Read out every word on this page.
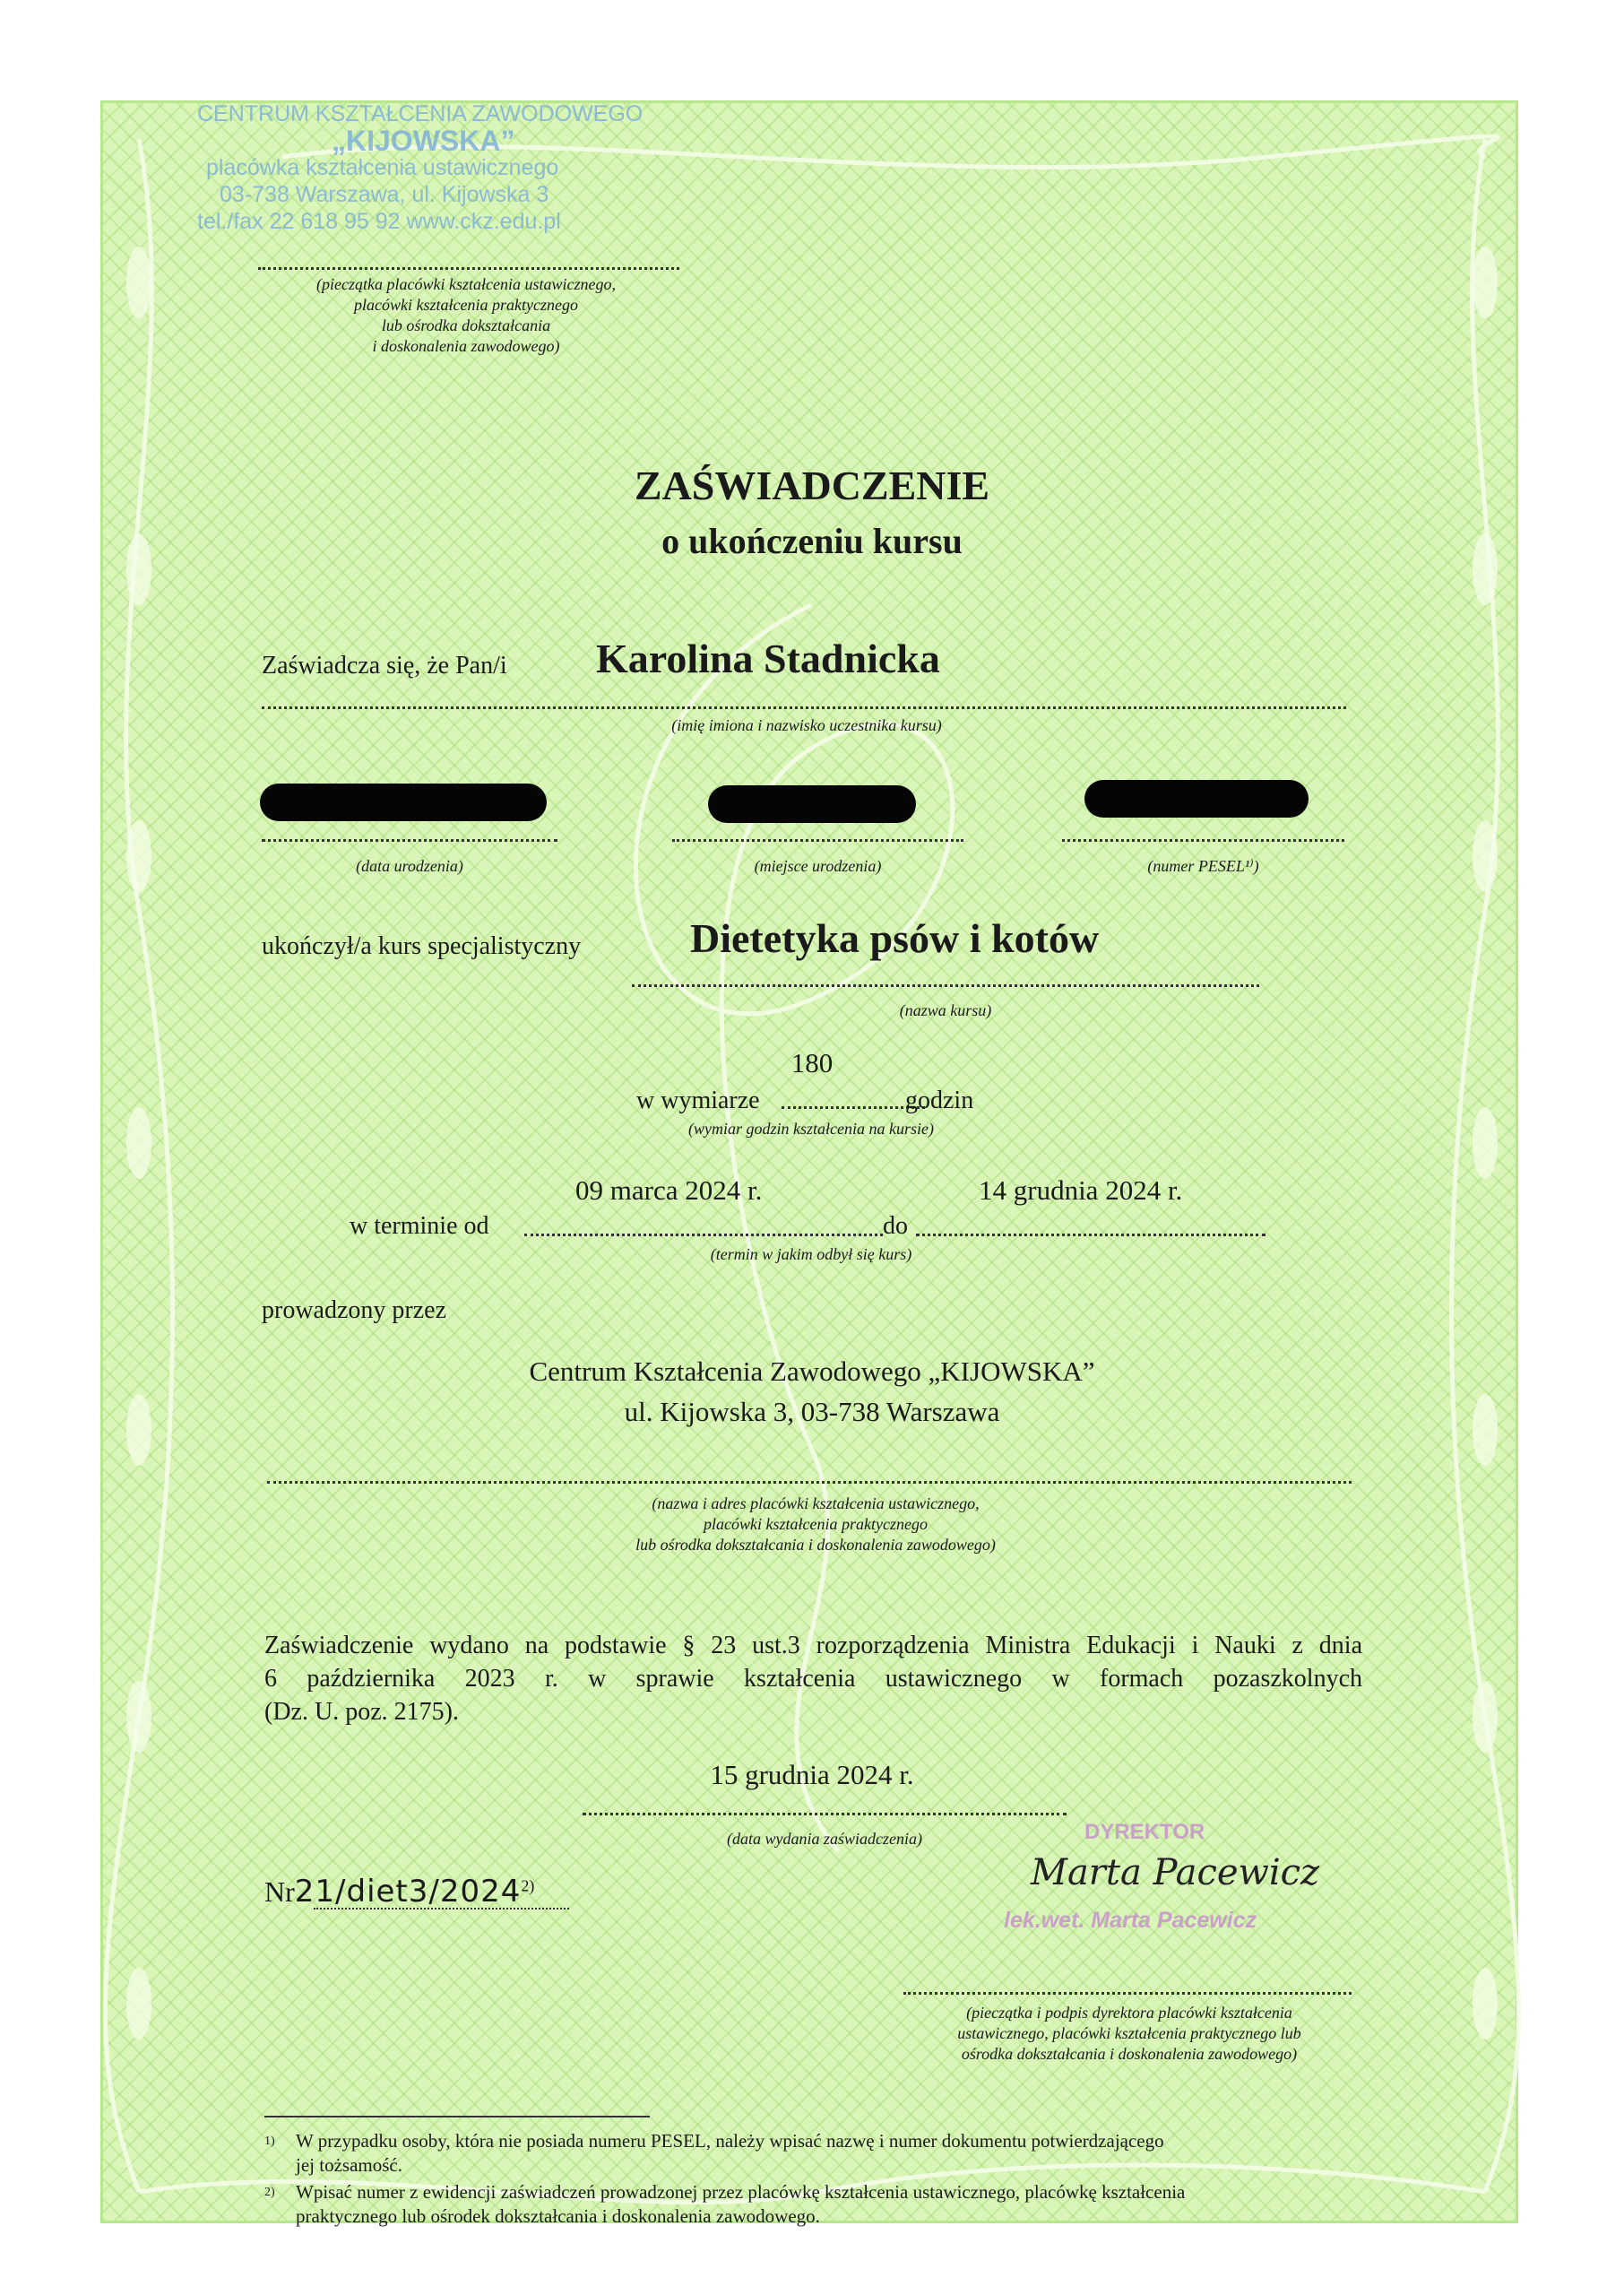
CENTRUM KSZTAŁCENIA ZAWODOWEGO
„KIJOWSKA”
placówka kształcenia ustawicznego
03-738 Warszawa, ul. Kijowska 3
tel./fax 22 618 95 92 www.ckz.edu.pl
(pieczątka placówki kształcenia ustawicznego,
placówki kształcenia praktycznego
lub ośrodka dokształcania
i doskonalenia zawodowego)
ZAŚWIADCZENIE
o ukończeniu kursu
Zaświadcza się, że Pan/i Karolina Stadnicka
(imię imiona i nazwisko uczestnika kursu)
(data urodzenia)	(miejsce urodzenia)	(numer PESEL¹⁾)
ukończył/a kurs specjalistyczny	Dietetyka psów i kotów
(nazwa kursu)
180
w wymiarze	godzin
(wymiar godzin kształcenia na kursie)
09 marca 2024 r.	14 grudnia 2024 r.
w terminie od	do
(termin w jakim odbył się kurs)
prowadzony przez
Centrum Kształcenia Zawodowego „KIJOWSKA”
ul. Kijowska 3, 03-738 Warszawa
(nazwa i adres placówki kształcenia ustawicznego,
placówki kształcenia praktycznego
lub ośrodka dokształcania i doskonalenia zawodowego)
Zaświadczenie wydano na podstawie § 23 ust.3 rozporządzenia Ministra Edukacji i Nauki z dnia
6 października 2023 r. w sprawie kształcenia ustawicznego w formach pozaszkolnych
(Dz. U. poz. 2175).
15 grudnia 2024 r.
(data wydania zaświadczenia)
Nr21/diet3/2024$^{2)}$
DYREKTOR
Marta Pacewicz
lek.wet. Marta Pacewicz
(pieczątka i podpis dyrektora placówki kształcenia
ustawicznego, placówki kształcenia praktycznego lub
ośrodka dokształcania i doskonalenia zawodowego)
1) W przypadku osoby, która nie posiada numeru PESEL, należy wpisać nazwę i numer dokumentu potwierdzającego
jej tożsamość.
2) Wpisać numer z ewidencji zaświadczeń prowadzonej przez placówkę kształcenia ustawicznego, placówkę kształcenia
praktycznego lub ośrodek dokształcania i doskonalenia zawodowego.
